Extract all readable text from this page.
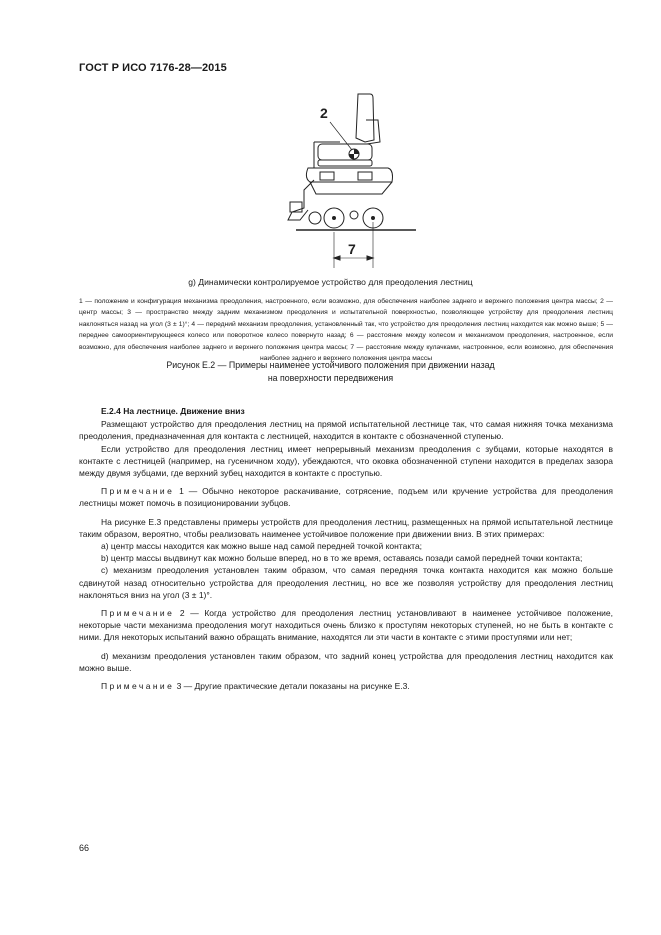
ГОСТ Р ИСО 7176-28—2015
2
7
g) Динамически контролируемое устройство для преодоления лестниц
1 — положение и конфигурация механизма преодоления, настроенного, если возможно, для обеспечения наиболее заднего и верхнего положения центра массы; 2 — центр массы; 3 — пространство между задним механизмом преодоления и испытательной поверхностью, позволяющее устройству для преодоления лестниц наклоняться назад на угол (3 ± 1)°; 4 — передний механизм преодоления, установленный так, что устройство для преодоления лестниц находится как можно выше; 5 — переднее самоориентирующееся колесо или поворотное колесо повернуто назад; 6 — расстояние между колесом и механизмом преодоления, настроенное, если возможно, для обеспечения наиболее заднего и верхнего положения центра массы; 7 — расстояние между кулачками, настроенное, если возможно, для обеспечения наиболее заднего и верхнего положения центра массы
Рисунок Е.2 — Примеры наименее устойчивого положения при движении назад
на поверхности передвижения

Е.2.4 На лестнице. Движение вниз

Размещают устройство для преодоления лестниц на прямой испытательной лестнице так, что самая нижняя точка механизма преодоления, предназначенная для контакта с лестницей, находится в контакте с обозначенной ступенью.

Если устройство для преодоления лестниц имеет непрерывный механизм преодоления с зубцами, которые находятся в контакте с лестницей (например, на гусеничном ходу), убеждаются, что оковка обозначенной ступени находится в пределах зазора между двумя зубцами, где верхний зубец находится в контакте с проступью.

Примечание 1 — Обычно некоторое раскачивание, сотрясение, подъем или кручение устройства для преодоления лестницы может помочь в позиционировании зубцов.

На рисунке Е.3 представлены примеры устройств для преодоления лестниц, размещенных на прямой испытательной лестнице таким образом, вероятно, чтобы реализовать наименее устойчивое положение при движении вниз. В этих примерах:

a) центр массы находится как можно выше над самой передней точкой контакта;

b) центр массы выдвинут как можно больше вперед, но в то же время, оставаясь позади самой передней точки контакта;

c) механизм преодоления установлен таким образом, что самая передняя точка контакта находится как можно больше сдвинутой назад относительно устройства для преодоления лестниц, но все же позволяя устройству для преодоления лестниц наклоняться вниз на угол (3 ± 1)°.

Примечание 2 — Когда устройство для преодоления лестниц установливают в наименее устойчивое положение, некоторые части механизма преодоления могут находиться очень близко к проступям некоторых ступеней, но не быть в контакте с ними. Для некоторых испытаний важно обращать внимание, находятся ли эти части в контакте с этими проступями или нет;

d) механизм преодоления установлен таким образом, что задний конец устройства для преодоления лестниц находится как можно выше.

Примечание 3 — Другие практические детали показаны на рисунке Е.3.

66
